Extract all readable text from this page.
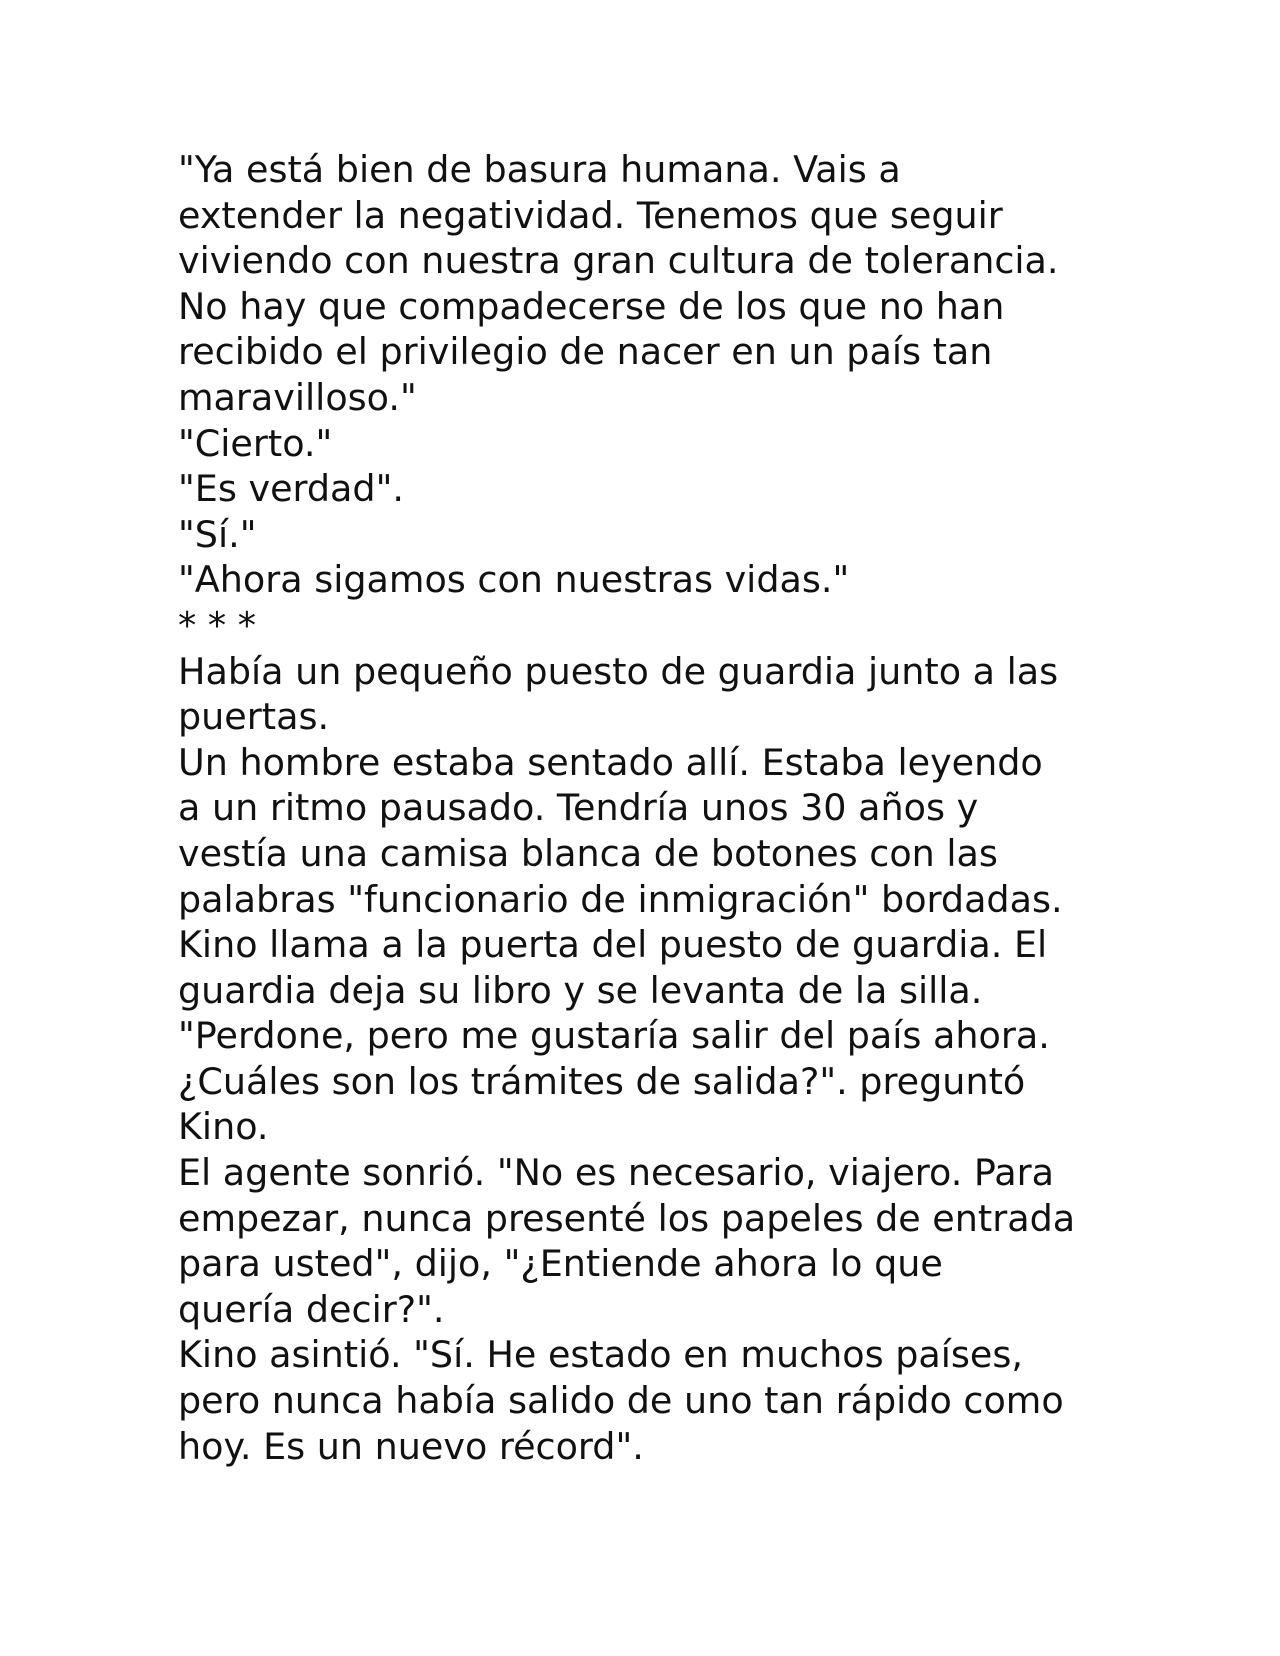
"Ya está bien de basura humana. Vais a
extender la negatividad. Tenemos que seguir
viviendo con nuestra gran cultura de tolerancia.
No hay que compadecerse de los que no han
recibido el privilegio de nacer en un país tan
maravilloso."
"Cierto."
"Es verdad".
"Sí."
"Ahora sigamos con nuestras vidas."
* * *
Había un pequeño puesto de guardia junto a las
puertas.
Un hombre estaba sentado allí. Estaba leyendo
a un ritmo pausado. Tendría unos 30 años y
vestía una camisa blanca de botones con las
palabras "funcionario de inmigración" bordadas.
Kino llama a la puerta del puesto de guardia. El
guardia deja su libro y se levanta de la silla.
"Perdone, pero me gustaría salir del país ahora.
¿Cuáles son los trámites de salida?". preguntó
Kino.
El agente sonrió. "No es necesario, viajero. Para
empezar, nunca presenté los papeles de entrada
para usted", dijo, "¿Entiende ahora lo que
quería decir?".
Kino asintió. "Sí. He estado en muchos países,
pero nunca había salido de uno tan rápido como
hoy. Es un nuevo récord".
